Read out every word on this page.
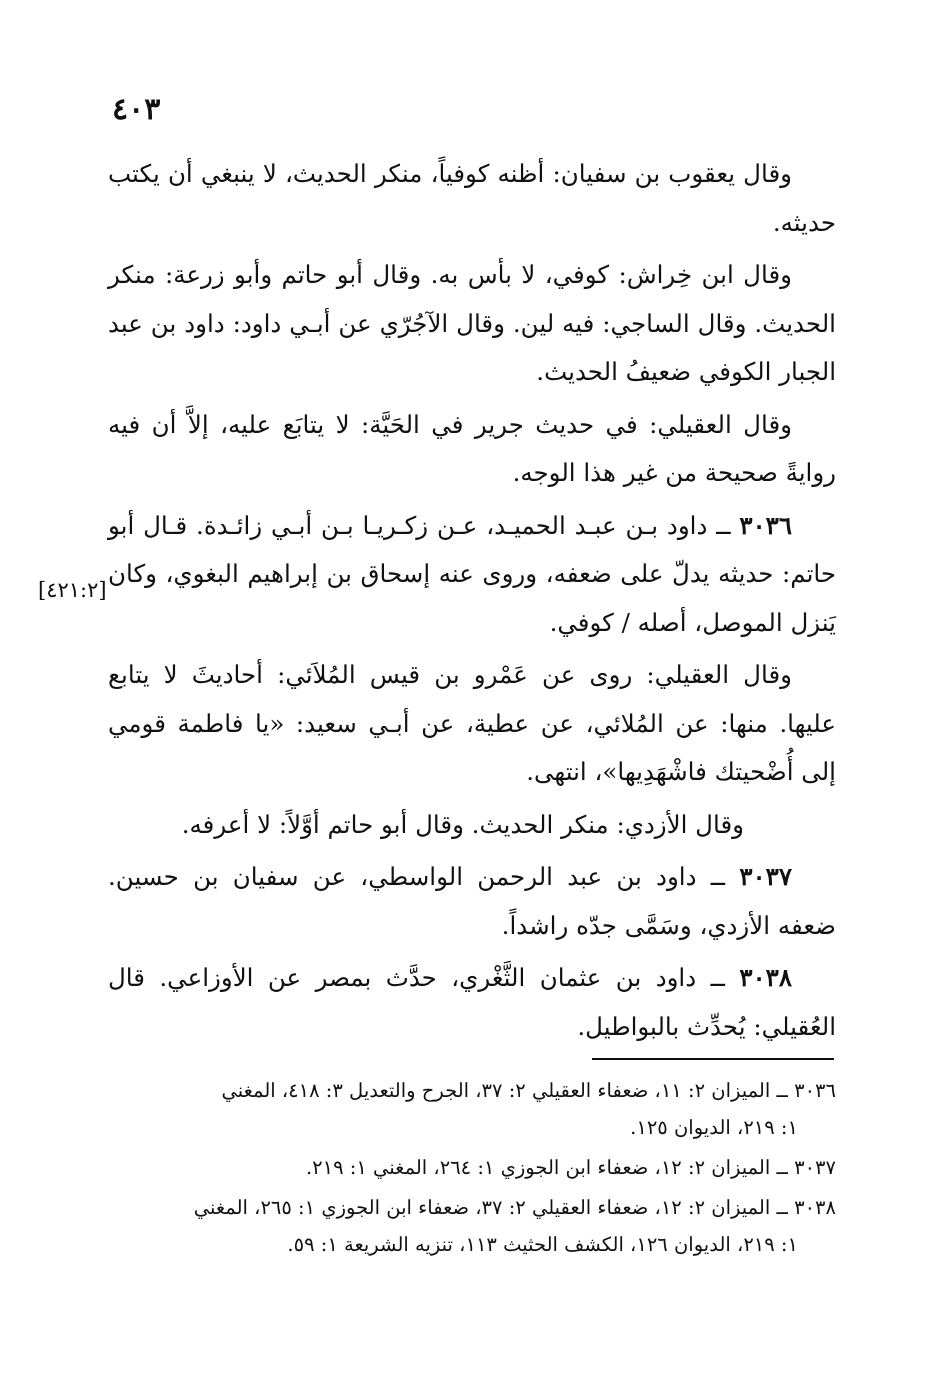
٤٠٣

وقال يعقوب بن سفيان: أظنه كوفياً، منكر الحديث، لا ينبغي أن يكتب حديثه.

وقال ابن خِراش: كوفي، لا بأس به. وقال أبو حاتم وأبو زرعة: منكر الحديث. وقال الساجي: فيه لين. وقال الآجُرّي عن أبـي داود: داود بن عبد الجبار الكوفي ضعيفُ الحديث.

وقال العقيلي: في حديث جرير في الحَيَّة: لا يتابَع عليه، إلاَّ أن فيه روايةً صحيحة من غير هذا الوجه.

٣٠٣٦ ــ داود بـن عبـد الحميـد، عـن زكـريـا بـن أبـي زائـدة. قـال أبو حاتم: حديثه يدلّ على ضعفه، وروى عنه إسحاق بن إبراهيم البغوي، وكان يَنزل الموصل، أصله / كوفي.

وقال العقيلي: روى عن عَمْرو بن قيس المُلاَئي: أحاديثَ لا يتابع عليها. منها: عن المُلائي، عن عطية، عن أبـي سعيد: «يا فاطمة قومي إلى أُضْحيتك فاشْهَدِيها»، انتهى.

وقال الأزدي: منكر الحديث. وقال أبو حاتم أوَّلاً: لا أعرفه.

٣٠٣٧ ــ داود بن عبد الرحمن الواسطي، عن سفيان بن حسين. ضعفه الأزدي، وسَمَّى جدّه راشداً.

٣٠٣٨ ــ داود بن عثمان الثَّغْري، حدَّث بمصر عن الأوزاعي. قال العُقيلي: يُحدِّث بالبواطيل.

[٤٢١:٢]

٣٠٣٦ ــ الميزان ٢: ١١، ضعفاء العقيلي ٢: ٣٧، الجرح والتعديل ٣: ٤١٨، المغني
١: ٢١٩، الديوان ١٢٥.

٣٠٣٧ ــ الميزان ٢: ١٢، ضعفاء ابن الجوزي ١: ٢٦٤، المغني ١: ٢١٩.

٣٠٣٨ ــ الميزان ٢: ١٢، ضعفاء العقيلي ٢: ٣٧، ضعفاء ابن الجوزي ١: ٢٦٥، المغني
١: ٢١٩، الديوان ١٢٦، الكشف الحثيث ١١٣، تنزيه الشريعة ١: ٥٩.
